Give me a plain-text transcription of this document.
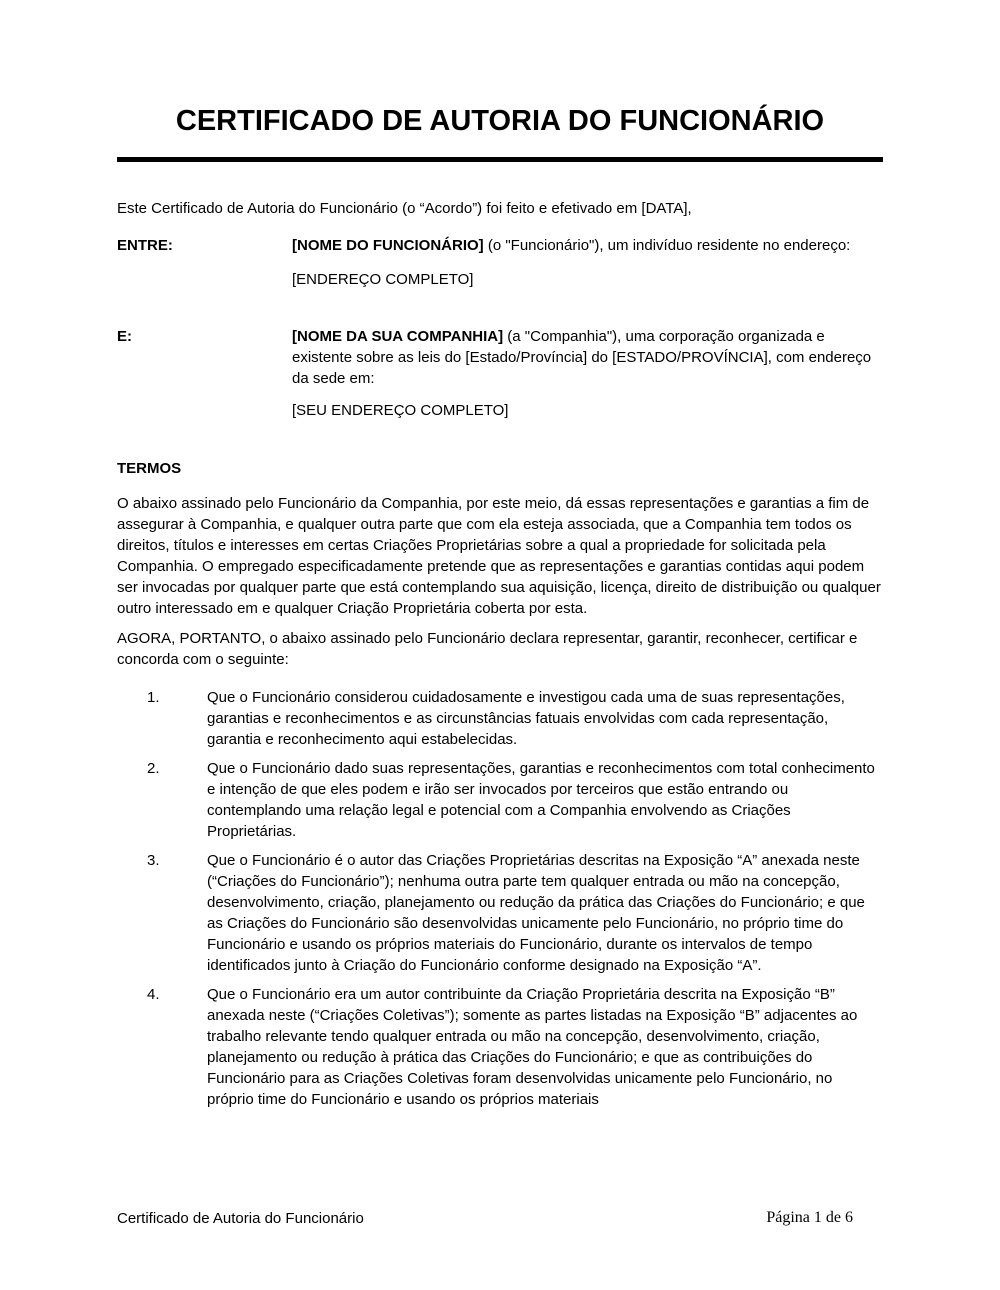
CERTIFICADO DE AUTORIA DO FUNCIONÁRIO
Este Certificado de Autoria do Funcionário (o “Acordo”) foi feito e efetivado em [DATA],
ENTRE:	[NOME DO FUNCIONÁRIO] (o "Funcionário"), um indivíduo residente no endereço:
[ENDEREÇO COMPLETO]
E:	[NOME DA SUA COMPANHIA] (a "Companhia"), uma corporação organizada e existente sobre as leis do [Estado/Província] do [ESTADO/PROVÍNCIA], com endereço da sede em:
[SEU ENDEREÇO COMPLETO]
TERMOS
O abaixo assinado pelo Funcionário da Companhia, por este meio, dá essas representações e garantias a fim de assegurar à Companhia, e qualquer outra parte que com ela esteja associada, que a Companhia tem todos os direitos, títulos e interesses em certas Criações Proprietárias sobre a qual a propriedade for solicitada pela Companhia. O empregado especificadamente pretende que as representações e garantias contidas aqui podem ser invocadas por qualquer parte que está contemplando sua aquisição, licença, direito de distribuição ou qualquer outro interessado em e qualquer Criação Proprietária coberta por esta.
AGORA, PORTANTO, o abaixo assinado pelo Funcionário declara representar, garantir, reconhecer, certificar e concorda com o seguinte:
1.	Que o Funcionário considerou cuidadosamente e investigou cada uma de suas representações, garantias e reconhecimentos e as circunstâncias fatuais envolvidas com cada representação, garantia e reconhecimento aqui estabelecidas.
2.	Que o Funcionário dado suas representações, garantias e reconhecimentos com total conhecimento e intenção de que eles podem e irão ser invocados por terceiros que estão entrando ou contemplando uma relação legal e potencial com a Companhia envolvendo as Criações Proprietárias.
3.	Que o Funcionário é o autor das Criações Proprietárias descritas na Exposição “A” anexada neste (“Criações do Funcionário”); nenhuma outra parte tem qualquer entrada ou mão na concepção, desenvolvimento, criação, planejamento ou redução da prática das Criações do Funcionário; e que as Criações do Funcionário são desenvolvidas unicamente pelo Funcionário, no próprio time do Funcionário e usando os próprios materiais do Funcionário, durante os intervalos de tempo identificados junto à Criação do Funcionário conforme designado na Exposição “A”.
4.	Que o Funcionário era um autor contribuinte da Criação Proprietária descrita na Exposição “B” anexada neste (“Criações Coletivas”); somente as partes listadas na Exposição “B” adjacentes ao trabalho relevante tendo qualquer entrada ou mão na concepção, desenvolvimento, criação, planejamento ou redução à prática das Criações do Funcionário; e que as contribuições do Funcionário para as Criações Coletivas foram desenvolvidas unicamente pelo Funcionário, no próprio time do Funcionário e usando os próprios materiais
Certificado de Autoria do Funcionário	Página 1 de 6
